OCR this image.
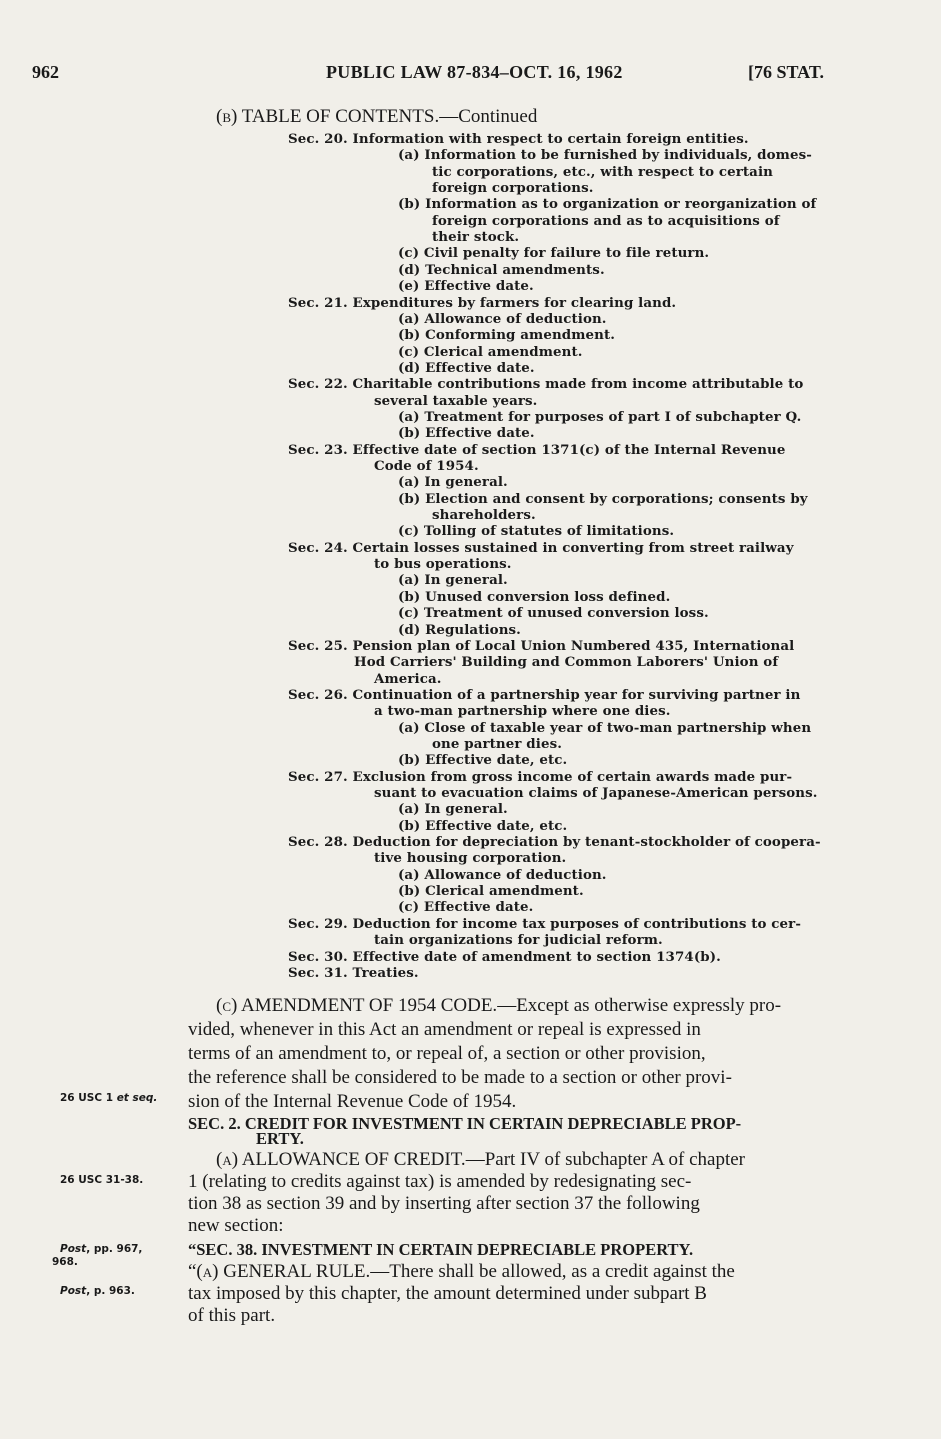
962	PUBLIC LAW 87-834–OCT. 16, 1962	[76 STAT.
(b) TABLE OF CONTENTS.—Continued
Sec. 20. Information with respect to certain foreign entities.
(a) Information to be furnished by individuals, domes-
tic corporations, etc., with respect to certain
foreign corporations.
(b) Information as to organization or reorganization of
foreign corporations and as to acquisitions of
their stock.
(c) Civil penalty for failure to file return.
(d) Technical amendments.
(e) Effective date.
Sec. 21. Expenditures by farmers for clearing land.
(a) Allowance of deduction.
(b) Conforming amendment.
(c) Clerical amendment.
(d) Effective date.
Sec. 22. Charitable contributions made from income attributable to
several taxable years.
(a) Treatment for purposes of part I of subchapter Q.
(b) Effective date.
Sec. 23. Effective date of section 1371(c) of the Internal Revenue
Code of 1954.
(a) In general.
(b) Election and consent by corporations; consents by
shareholders.
(c) Tolling of statutes of limitations.
Sec. 24. Certain losses sustained in converting from street railway
to bus operations.
(a) In general.
(b) Unused conversion loss defined.
(c) Treatment of unused conversion loss.
(d) Regulations.
Sec. 25. Pension plan of Local Union Numbered 435, International
Hod Carriers' Building and Common Laborers' Union of
America.
Sec. 26. Continuation of a partnership year for surviving partner in
a two-man partnership where one dies.
(a) Close of taxable year of two-man partnership when
one partner dies.
(b) Effective date, etc.
Sec. 27. Exclusion from gross income of certain awards made pur-
suant to evacuation claims of Japanese-American persons.
(a) In general.
(b) Effective date, etc.
Sec. 28. Deduction for depreciation by tenant-stockholder of coopera-
tive housing corporation.
(a) Allowance of deduction.
(b) Clerical amendment.
(c) Effective date.
Sec. 29. Deduction for income tax purposes of contributions to cer-
tain organizations for judicial reform.
Sec. 30. Effective date of amendment to section 1374(b).
Sec. 31. Treaties.
(c) AMENDMENT OF 1954 CODE.—Except as otherwise expressly pro-
vided, whenever in this Act an amendment or repeal is expressed in
terms of an amendment to, or repeal of, a section or other provision,
the reference shall be considered to be made to a section or other provi-
sion of the Internal Revenue Code of 1954.
SEC. 2. CREDIT FOR INVESTMENT IN CERTAIN DEPRECIABLE PROP-
ERTY.
(a) ALLOWANCE OF CREDIT.—Part IV of subchapter A of chapter
1 (relating to credits against tax) is amended by redesignating sec-
tion 38 as section 39 and by inserting after section 37 the following
new section:
“SEC. 38. INVESTMENT IN CERTAIN DEPRECIABLE PROPERTY.
“(a) GENERAL RULE.—There shall be allowed, as a credit against the
tax imposed by this chapter, the amount determined under subpart B
of this part.
26 USC 1 et seq.
26 USC 31-38.
Post, pp. 967,
968.
Post, p. 963.
